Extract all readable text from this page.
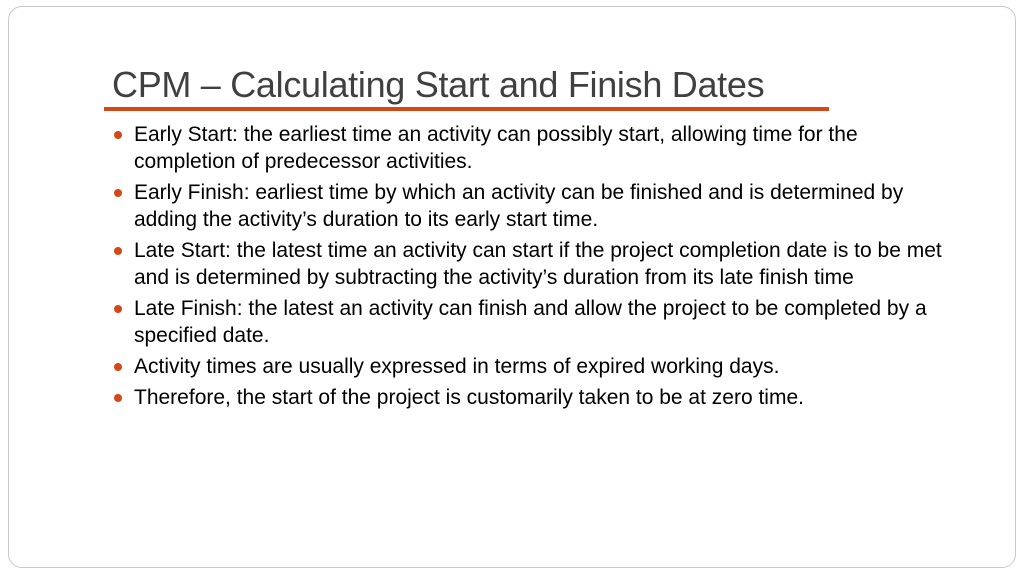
CPM – Calculating Start and Finish Dates
Early Start: the earliest time an activity can possibly start, allowing time for the completion of predecessor activities.
Early Finish: earliest time by which an activity can be finished and is determined by adding the activity’s duration to its early start time.
Late Start: the latest time an activity can start if the project completion date is to be met and is determined by subtracting the activity’s duration from its late finish time
Late Finish: the latest an activity can finish and allow the project to be completed by a specified date.
Activity times are usually expressed in terms of expired working days.
Therefore, the start of the project is customarily taken to be at zero time.
